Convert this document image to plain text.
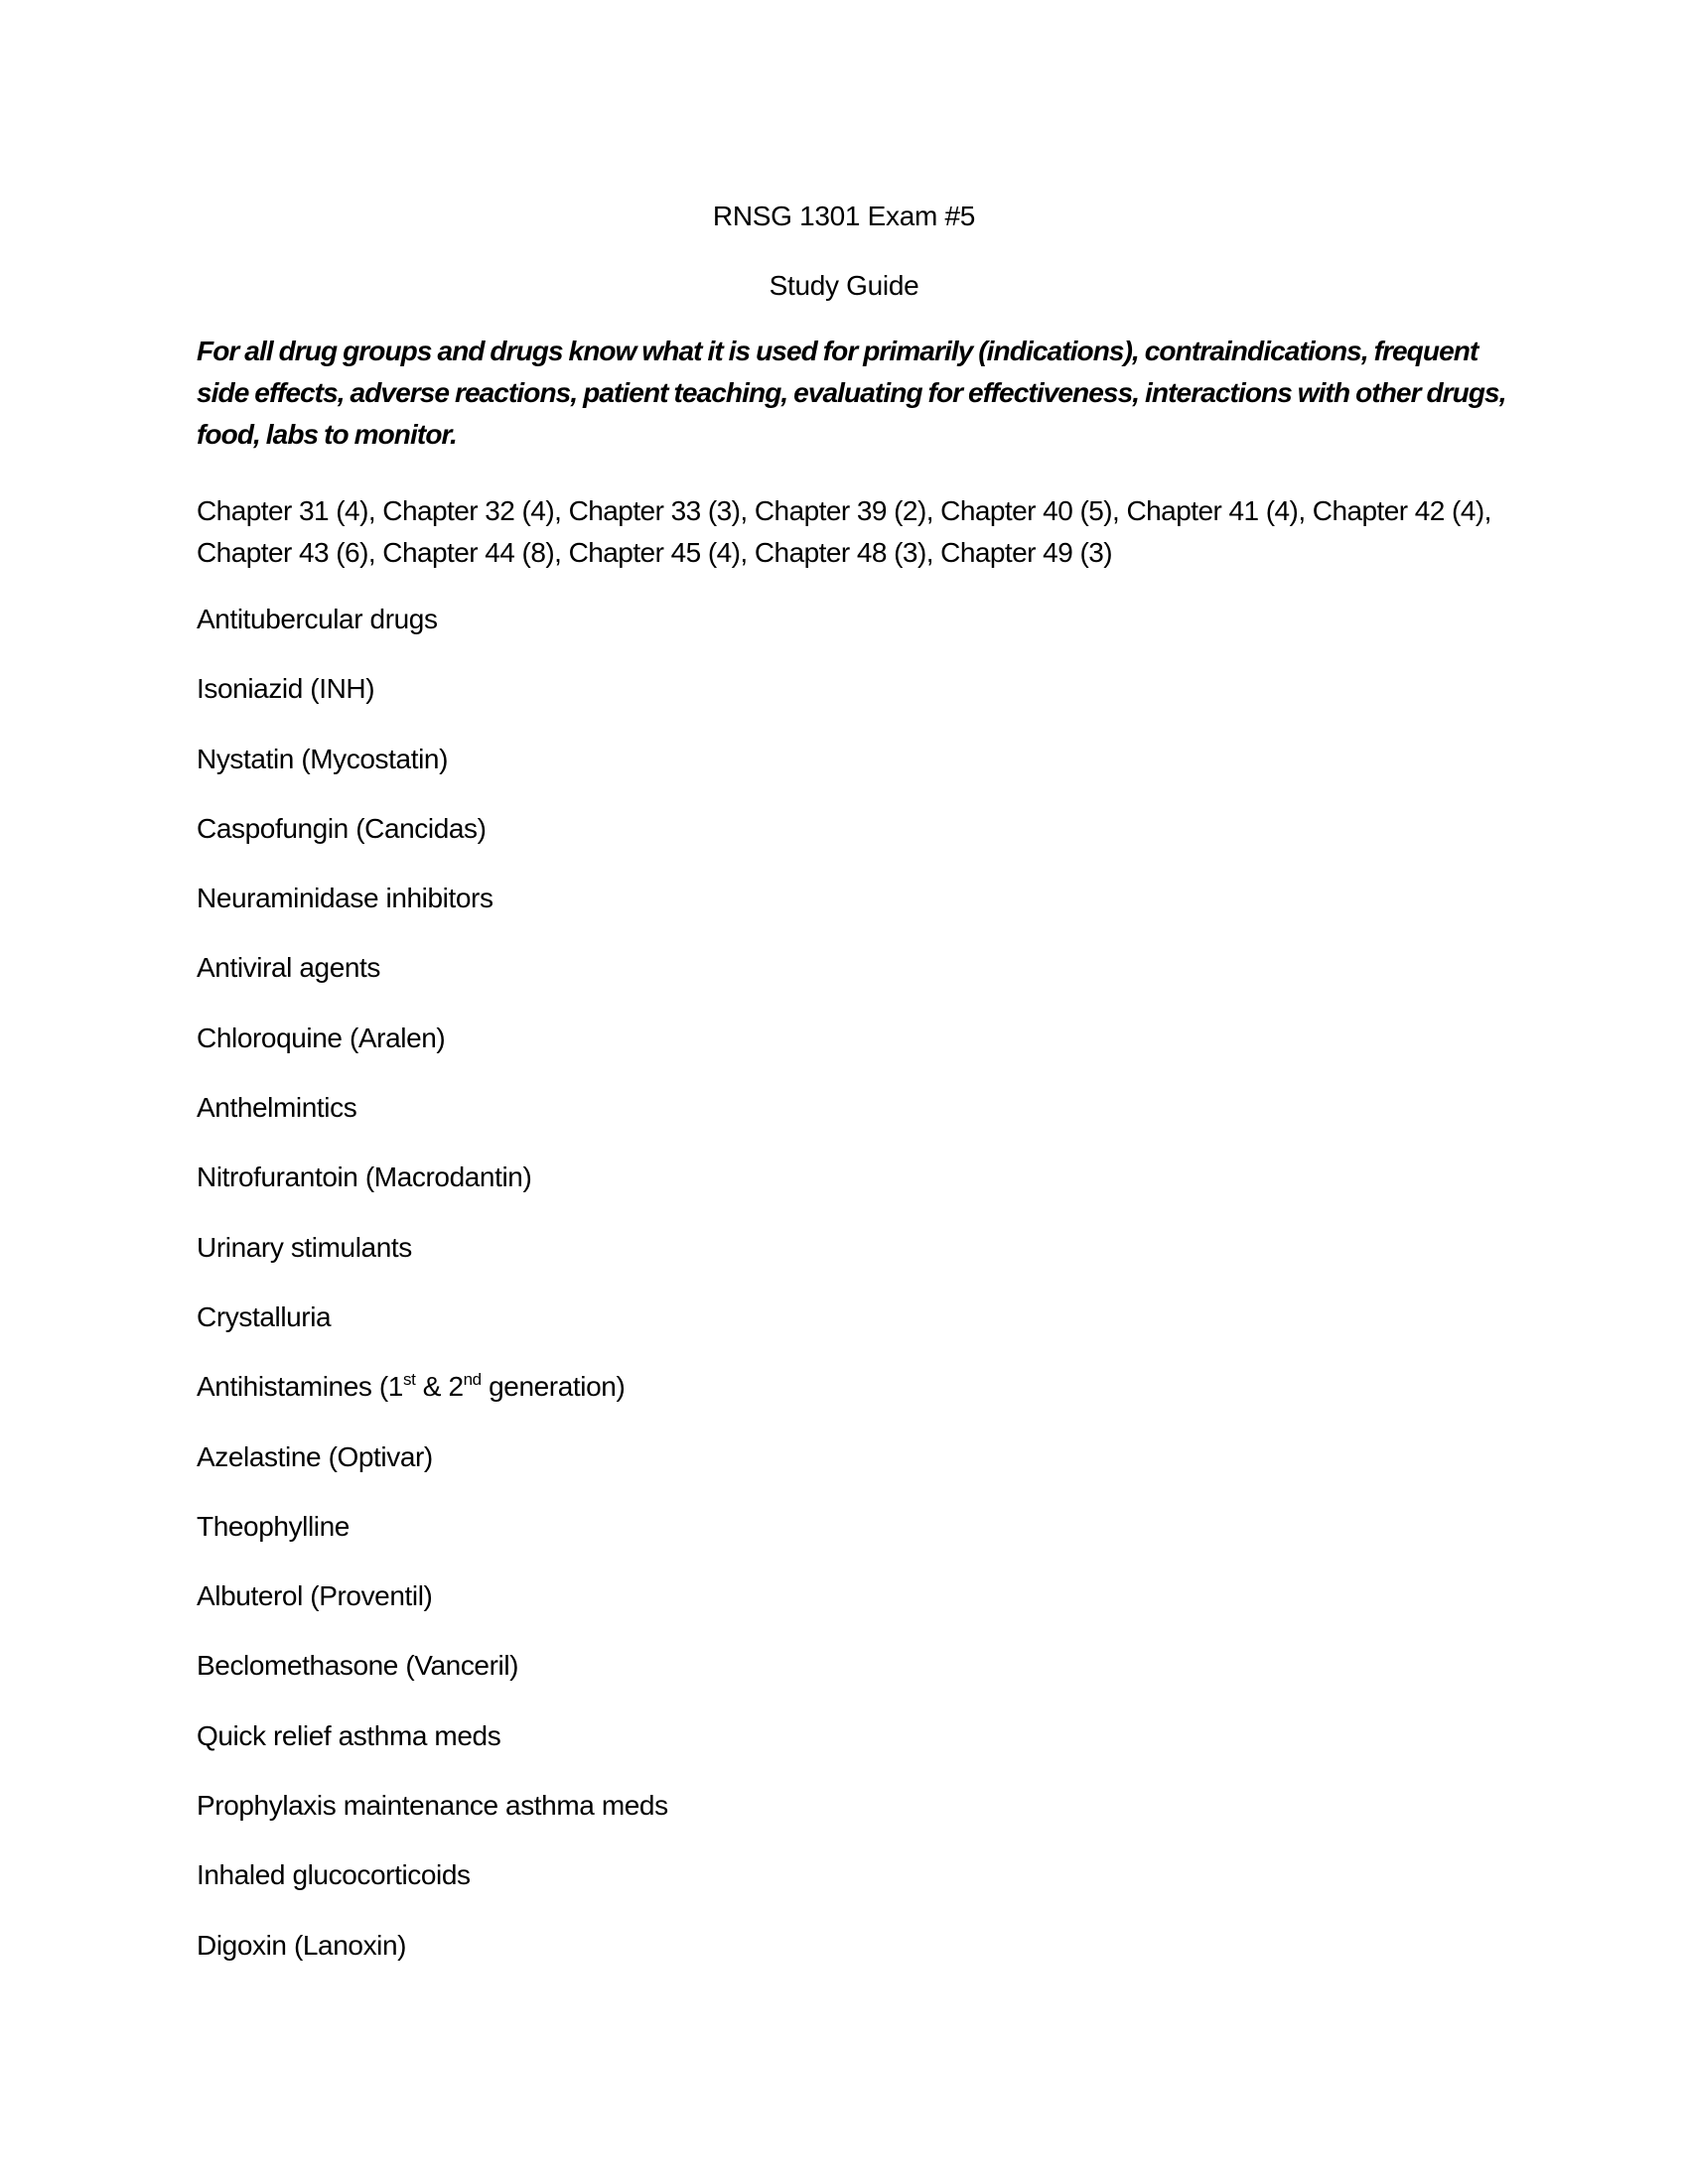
RNSG 1301 Exam #5
Study Guide
For all drug groups and drugs know what it is used for primarily (indications), contraindications, frequent side effects, adverse reactions, patient teaching, evaluating for effectiveness, interactions with other drugs, food, labs to monitor.
Chapter 31 (4), Chapter 32 (4), Chapter 33 (3), Chapter 39 (2), Chapter 40 (5), Chapter 41 (4), Chapter 42 (4), Chapter 43 (6), Chapter 44 (8), Chapter 45 (4), Chapter 48 (3), Chapter 49 (3)
Antitubercular drugs
Isoniazid (INH)
Nystatin (Mycostatin)
Caspofungin (Cancidas)
Neuraminidase inhibitors
Antiviral agents
Chloroquine (Aralen)
Anthelmintics
Nitrofurantoin (Macrodantin)
Urinary stimulants
Crystalluria
Antihistamines (1st & 2nd generation)
Azelastine (Optivar)
Theophylline
Albuterol (Proventil)
Beclomethasone (Vanceril)
Quick relief asthma meds
Prophylaxis maintenance asthma meds
Inhaled glucocorticoids
Digoxin (Lanoxin)
